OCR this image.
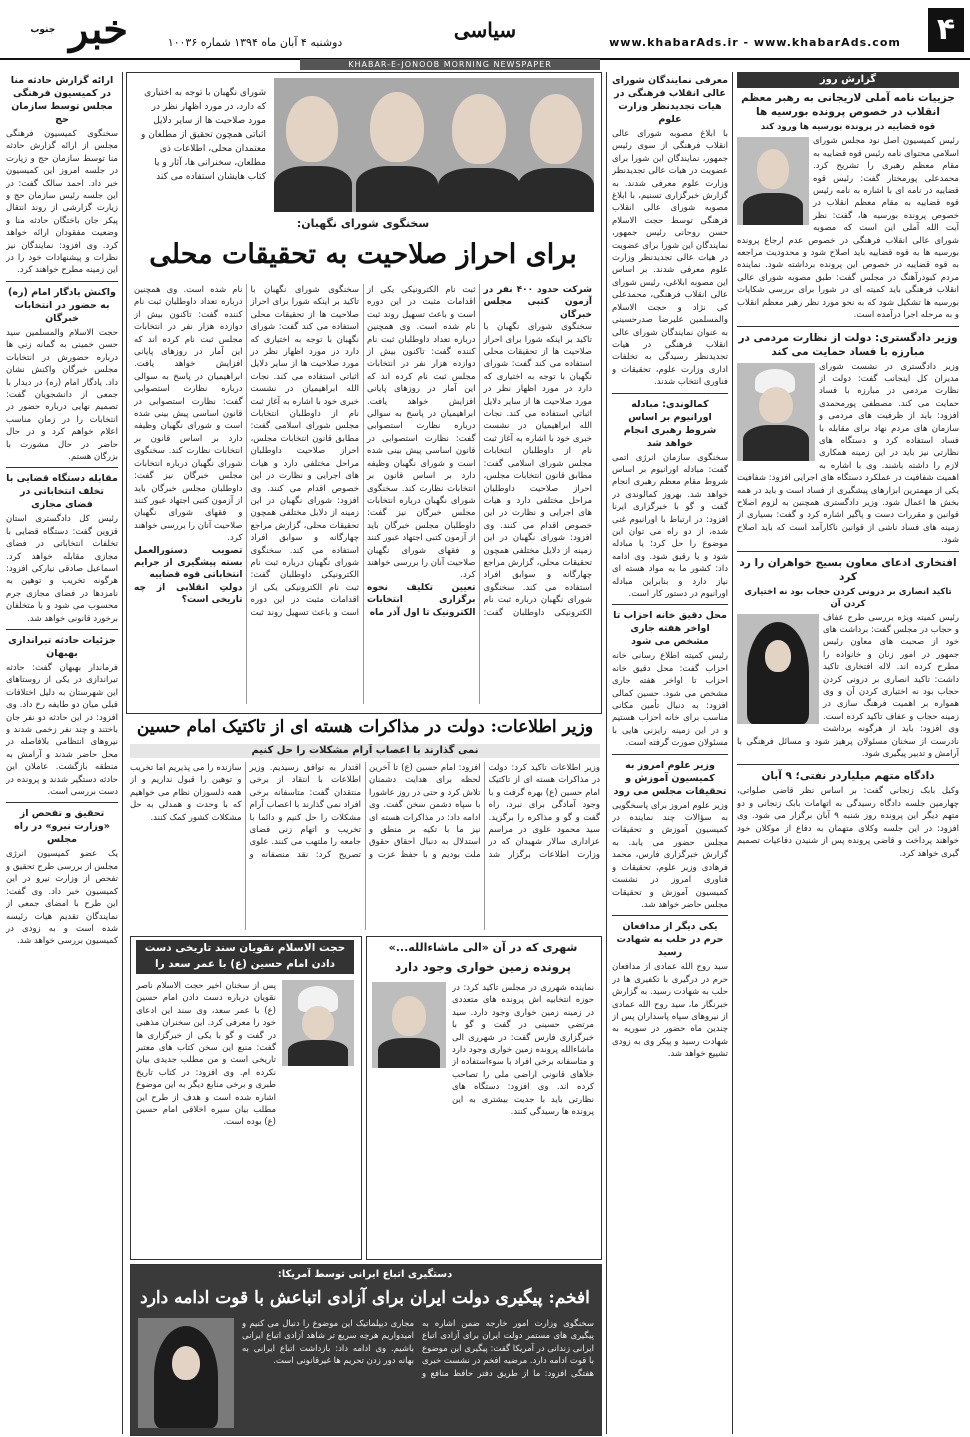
خبر $^{جنوب}$
دوشنبه ۴ آبان ماه ۱۳۹۴ شماره ۱۰۰۳۶
سیاسی
www.khabarAds.ir - www.khabarAds.com	۴
KHABAR-E-JONOOB MORNING NEWSPAPER
گزارش روز
جزییات نامه آملی لاریجانی به رهبر معظم انقلاب در خصوص پرونده بورسیه ها
قوه قضاییه در پرونده بورسیه ها ورود کند
رئیس کمیسیون اصل نود مجلس شورای اسلامی محتوای نامه رئیس قوه قضاییه به مقام معظم رهبری را تشریح کرد. محمدعلی پورمختار گفت: رئیس قوه قضاییه در نامه ای با اشاره به نامه رئیس قوه قضاییه به مقام معظم انقلاب در خصوص پرونده بورسیه ها، گفت: نظر آیت الله آملی این است که مصوبه شورای عالی انقلاب فرهنگی در خصوص عدم ارجاع پرونده بورسیه ها به قوه قضاییه باید اصلاح شود و محدودیت مراجعه به قوه قضاییه در خصوص این پرونده برداشته شود. نماینده مردم کبودرآهنگ در مجلس گفت: طبق مصوبه شورای عالی انقلاب فرهنگی باید کمیته ای در شورا برای بررسی شکایات بورسیه ها تشکیل شود که به نحو مورد نظر رهبر معظم انقلاب و به مرحله اجرا درآمده است.
وزیر دادگستری: دولت از نظارت مردمی در مبارزه با فساد حمایت می کند
وزیر دادگستری در نشست شورای مدیران کل اینجانب گفت: دولت از نظارت مردمی در مبارزه با فساد حمایت می کند. مصطفی پورمحمدی افزود: باید از ظرفیت های مردمی و سازمان های مردم نهاد برای مقابله با فساد استفاده کرد و دستگاه های نظارتی نیز باید در این زمینه همکاری لازم را داشته باشند. وی با اشاره به اهمیت شفافیت در عملکرد دستگاه های اجرایی افزود: شفافیت یکی از مهمترین ابزارهای پیشگیری از فساد است و باید در همه بخش ها اعمال شود. وزیر دادگستری همچنین به لزوم اصلاح قوانین و مقررات دست و پاگیر اشاره کرد و گفت: بسیاری از زمینه های فساد ناشی از قوانین ناکارآمد است که باید اصلاح شود.
افتخاری ادعای معاون بسیج خواهران را رد کرد
تاکید انصاری بر درونی کردن حجاب بود نه اختیاری کردن آن
رئیس کمیته ویژه بررسی طرح عفاف و حجاب در مجلس گفت: برداشت های خود از صحبت های معاون رئیس جمهور در امور زنان و خانواده را مطرح کرده اند. لاله افتخاری تاکید داشت: تاکید انصاری بر درونی کردن حجاب بود نه اختیاری کردن آن و وی همواره بر اهمیت فرهنگ سازی در زمینه حجاب و عفاف تاکید کرده است. وی افزود: باید از هرگونه برداشت نادرست از سخنان مسئولان پرهیز شود و مسائل فرهنگی با آرامش و تدبیر پیگیری شود.
دادگاه متهم میلیاردر نفتی؛ ۹ آبان
وکیل بابک زنجانی گفت: بر اساس نظر قاضی صلواتی، چهارمین جلسه دادگاه رسیدگی به اتهامات بابک زنجانی و دو متهم دیگر این پرونده روز شنبه ۹ آبان برگزار می شود. وی افزود: در این جلسه وکلای متهمان به دفاع از موکلان خود خواهند پرداخت و قاضی پرونده پس از شنیدن دفاعیات تصمیم گیری خواهد کرد.
معرفی نمایندگان شورای عالی انقلاب فرهنگی در هیات تجدیدنظر وزارت علوم
با ابلاغ مصوبه شورای عالی انقلاب فرهنگی از سوی رئیس جمهور، نمایندگان این شورا برای عضویت در هیات عالی تجدیدنظر وزارت علوم معرفی شدند. به گزارش خبرگزاری تسنیم، با ابلاغ مصوبه شورای عالی انقلاب فرهنگی توسط حجت الاسلام حسن روحانی رئیس جمهور، نمایندگان این شورا برای عضویت در هیات عالی تجدیدنظر وزارت علوم معرفی شدند. بر اساس این مصوبه ابلاغی، رئیس شورای عالی انقلاب فرهنگی، محمدعلی کی نژاد و حجت الاسلام والمسلمین علیرضا صدرحسینی به عنوان نمایندگان شورای عالی انقلاب فرهنگی در هیات تجدیدنظر رسیدگی به تخلفات اداری وزارت علوم، تحقیقات و فناوری انتخاب شدند.
کمالوندی: مبادله اورانیوم بر اساس شروط رهبری انجام خواهد شد
سخنگوی سازمان انرژی اتمی گفت: مبادله اورانیوم بر اساس شروط مقام معظم رهبری انجام خواهد شد. بهروز کمالوندی در گفت و گو با خبرگزاری ایرنا افزود: در ارتباط با اورانیوم غنی شده، از دو راه می توان این موضوع را حل کرد؛ یا مبادله شود و یا رقیق شود. وی ادامه داد: کشور ما به مواد هسته ای نیاز دارد و بنابراین مبادله اورانیوم در دستور کار است.
محل دقیق خانه احزاب تا اواخر هفته جاری مشخص می شود
رئیس کمیته اطلاع رسانی خانه احزاب گفت: محل دقیق خانه احزاب تا اواخر هفته جاری مشخص می شود. حسین کمالی افزود: به دنبال تأمین مکانی مناسب برای خانه احزاب هستیم و در این زمینه رایزنی هایی با مسئولان صورت گرفته است.
وزیر علوم امروز به کمیسیون آموزش و تحقیقات مجلس می رود
وزیر علوم امروز برای پاسخگویی به سؤالات چند نماینده در کمیسیون آموزش و تحقیقات مجلس حضور می یابد. به گزارش خبرگزاری فارس، محمد فرهادی وزیر علوم، تحقیقات و فناوری امروز در نشست کمیسیون آموزش و تحقیقات مجلس حاضر خواهد شد.
یکی دیگر از مدافعان حرم در حلب به شهادت رسید
سید روح الله عمادی از مدافعان حرم در درگیری با تکفیری ها در حلب به شهادت رسید. به گزارش خبرنگار ما، سید روح الله عمادی از نیروهای سپاه پاسداران پس از چندین ماه حضور در سوریه به شهادت رسید و پیکر وی به زودی تشییع خواهد شد.
شورای نگهبان با توجه به اختیاری که دارد، در مورد اظهار نظر در مورد صلاحیت ها از سایر دلایل اثباتی همچون تحقیق از مطلعان و معتمدان محلی، اطلاعات ذی مطلعان، سخنرانی ها، آثار و یا کتاب هایشان استفاده می کند
سخنگوی شورای نگهبان:
برای احراز صلاحیت به تحقیقات محلی
شرکت حدود ۴۰۰ نفر در آزمون کتبی مجلس خبرگان
سخنگوی شورای نگهبان با تاکید بر اینکه شورا برای احراز صلاحیت ها از تحقیقات محلی استفاده می کند گفت: شورای نگهبان با توجه به اختیاری که دارد در مورد اظهار نظر در مورد صلاحیت ها از سایر دلایل اثباتی استفاده می کند. نجات الله ابراهیمیان در نشست خبری خود با اشاره به آغاز ثبت نام از داوطلبان انتخابات مجلس شورای اسلامی گفت: مطابق قانون انتخابات مجلس، احراز صلاحیت داوطلبان مراحل مختلفی دارد و هیات های اجرایی و نظارت در این خصوص اقدام می کنند. وی افزود: شورای نگهبان در این زمینه از دلایل مختلفی همچون تحقیقات محلی، گزارش مراجع چهارگانه و سوابق افراد استفاده می کند. سخنگوی شورای نگهبان درباره ثبت نام الکترونیکی داوطلبان گفت: ثبت نام الکترونیکی یکی از اقدامات مثبت در این دوره است و باعث تسهیل روند ثبت نام شده است. وی همچنین درباره تعداد داوطلبان ثبت نام کننده گفت: تاکنون بیش از دوازده هزار نفر در انتخابات مجلس ثبت نام کرده اند که این آمار در روزهای پایانی افزایش خواهد یافت. ابراهیمیان در پاسخ به سوالی درباره نظارت استصوابی گفت: نظارت استصوابی در قانون اساسی پیش بینی شده است و شورای نگهبان وظیفه دارد بر اساس قانون بر انتخابات نظارت کند. سخنگوی شورای نگهبان درباره انتخابات مجلس خبرگان نیز گفت: داوطلبان مجلس خبرگان باید از آزمون کتبی اجتهاد عبور کنند و فقهای شورای نگهبان صلاحیت آنان را بررسی خواهند کرد.
تعیین تکلیف نحوه برگزاری انتخابات الکترونیک تا اول آذر ماه
سخنگوی شورای نگهبان با تاکید بر اینکه شورا برای احراز صلاحیت ها از تحقیقات محلی استفاده می کند گفت: شورای نگهبان با توجه به اختیاری که دارد در مورد اظهار نظر در مورد صلاحیت ها از سایر دلایل اثباتی استفاده می کند. نجات الله ابراهیمیان در نشست خبری خود با اشاره به آغاز ثبت نام از داوطلبان انتخابات مجلس شورای اسلامی گفت: مطابق قانون انتخابات مجلس، احراز صلاحیت داوطلبان مراحل مختلفی دارد و هیات های اجرایی و نظارت در این خصوص اقدام می کنند. وی افزود: شورای نگهبان در این زمینه از دلایل مختلفی همچون تحقیقات محلی، گزارش مراجع چهارگانه و سوابق افراد استفاده می کند. سخنگوی شورای نگهبان درباره ثبت نام الکترونیکی داوطلبان گفت: ثبت نام الکترونیکی یکی از اقدامات مثبت در این دوره است و باعث تسهیل روند ثبت نام شده است. وی همچنین درباره تعداد داوطلبان ثبت نام کننده گفت: تاکنون بیش از دوازده هزار نفر در انتخابات مجلس ثبت نام کرده اند که این آمار در روزهای پایانی افزایش خواهد یافت. ابراهیمیان در پاسخ به سوالی درباره نظارت استصوابی گفت: نظارت استصوابی در قانون اساسی پیش بینی شده است و شورای نگهبان وظیفه دارد بر اساس قانون بر انتخابات نظارت کند. سخنگوی شورای نگهبان درباره انتخابات مجلس خبرگان نیز گفت: داوطلبان مجلس خبرگان باید از آزمون کتبی اجتهاد عبور کنند و فقهای شورای نگهبان صلاحیت آنان را بررسی خواهند کرد.
تصویب دستورالعمل بسته پیشگیری از جرایم انتخاباتی قوه قضاییه
دولتِ انقلابی از چه تاریخی است؟
وزیر اطلاعات: دولت در مذاکرات هسته ای از تاکتیک امام حسین
نمی گذارند با اعصاب آرام مشکلات را حل کنیم
وزیر اطلاعات تاکید کرد: دولت در مذاکرات هسته ای از تاکتیک امام حسین (ع) بهره گرفت و با وجود آمادگی برای نبرد، راه گفت و گو و مذاکره را برگزید. سید محمود علوی در مراسم عزاداری سالار شهیدان که در وزارت اطلاعات برگزار شد افزود: امام حسین (ع) تا آخرین لحظه برای هدایت دشمنان تلاش کرد و حتی در روز عاشورا با سپاه دشمن سخن گفت. وی ادامه داد: در مذاکرات هسته ای نیز ما با تکیه بر منطق و استدلال به دنبال احقاق حقوق ملت بودیم و با حفظ عزت و اقتدار به توافق رسیدیم. وزیر اطلاعات با انتقاد از برخی منتقدان گفت: متاسفانه برخی افراد نمی گذارند با اعصاب آرام مشکلات را حل کنیم و دائما با تخریب و اتهام زنی فضای جامعه را ملتهب می کنند. علوی تصریح کرد: نقد منصفانه و سازنده را می پذیریم اما تخریب و توهین را قبول نداریم و از همه دلسوزان نظام می خواهیم که با وحدت و همدلی به حل مشکلات کشور کمک کنند.
حجت الاسلام نقویان سند تاریخی دست دادن امام حسین (ع) با عمر سعد را
پس از سخنان اخیر حجت الاسلام ناصر نقویان درباره دست دادن امام حسین (ع) با عمر سعد، وی سند این ادعای خود را معرفی کرد. این سخنران مذهبی در گفت و گو با یکی از خبرگزاری ها گفت: منبع این سخن کتاب های معتبر تاریخی است و من مطلب جدیدی بیان نکرده ام. وی افزود: در کتاب تاریخ طبری و برخی منابع دیگر به این موضوع اشاره شده است و هدف از طرح این مطلب بیان سیره اخلاقی امام حسین (ع) بوده است.
شهری که در آن «الی ماشاءالله...»
پرونده زمین خواری وجود دارد
نماینده شهرری در مجلس تاکید کرد: در حوزه انتخابیه اش پرونده های متعددی در زمینه زمین خواری وجود دارد. سید مرتضی حسینی در گفت و گو با خبرگزاری فارس گفت: در شهرری الی ماشاءالله پرونده زمین خواری وجود دارد و متاسفانه برخی افراد با سوءاستفاده از خلأهای قانونی اراضی ملی را تصاحب کرده اند. وی افزود: دستگاه های نظارتی باید با جدیت بیشتری به این پرونده ها رسیدگی کنند.
دستگیری اتباع ایرانی توسط آمریکا:
افخم: پیگیری دولت ایران برای آزادی اتباعش با قوت ادامه دارد
سخنگوی وزارت امور خارجه ضمن اشاره به پیگیری های مستمر دولت ایران برای آزادی اتباع ایرانی زندانی در آمریکا گفت: پیگیری این موضوع با قوت ادامه دارد. مرضیه افخم در نشست خبری هفتگی افزود: ما از طریق دفتر حافظ منافع و مجاری دیپلماتیک این موضوع را دنبال می کنیم و امیدواریم هرچه سریع تر شاهد آزادی اتباع ایرانی باشیم. وی ادامه داد: بازداشت اتباع ایرانی به بهانه دور زدن تحریم ها غیرقانونی است.
ارائه گزارش حادثه منا در کمیسیون فرهنگی مجلس توسط سازمان حج
سخنگوی کمیسیون فرهنگی مجلس از ارائه گزارش حادثه منا توسط سازمان حج و زیارت در جلسه امروز این کمیسیون خبر داد. احمد سالک گفت: در این جلسه رئیس سازمان حج و زیارت گزارشی از روند انتقال پیکر جان باختگان حادثه منا و وضعیت مفقودان ارائه خواهد کرد. وی افزود: نمایندگان نیز نظرات و پیشنهادات خود را در این زمینه مطرح خواهند کرد.
واکنش یادگار امام (ره) به حضور در انتخابات خبرگان
حجت الاسلام والمسلمین سید حسن خمینی به گمانه زنی ها درباره حضورش در انتخابات مجلس خبرگان واکنش نشان داد. یادگار امام (ره) در دیدار با جمعی از دانشجویان گفت: تصمیم نهایی درباره حضور در انتخابات را در زمان مناسب اعلام خواهم کرد و در حال حاضر در حال مشورت با بزرگان هستم.
مقابله دستگاه قضایی با تخلف انتخاباتی در فضای مجازی
رئیس کل دادگستری استان قزوین گفت: دستگاه قضایی با تخلفات انتخاباتی در فضای مجازی مقابله خواهد کرد. اسماعیل صادقی نیارکی افزود: هرگونه تخریب و توهین به نامزدها در فضای مجازی جرم محسوب می شود و با متخلفان برخورد قانونی خواهد شد.
جزئیات حادثه تیراندازی بهبهان
فرماندار بهبهان گفت: حادثه تیراندازی در یکی از روستاهای این شهرستان به دلیل اختلافات قبلی میان دو طایفه رخ داد. وی افزود: در این حادثه دو نفر جان باختند و چند نفر زخمی شدند و نیروهای انتظامی بلافاصله در محل حاضر شدند و آرامش به منطقه بازگشت. عاملان این حادثه دستگیر شدند و پرونده در دست بررسی است.
تحقیق و تفحص از «وزارت نیرو» در راه مجلس
یک عضو کمیسیون انرژی مجلس از بررسی طرح تحقیق و تفحص از وزارت نیرو در این کمیسیون خبر داد. وی گفت: این طرح با امضای جمعی از نمایندگان تقدیم هیات رئیسه شده است و به زودی در کمیسیون بررسی خواهد شد.
